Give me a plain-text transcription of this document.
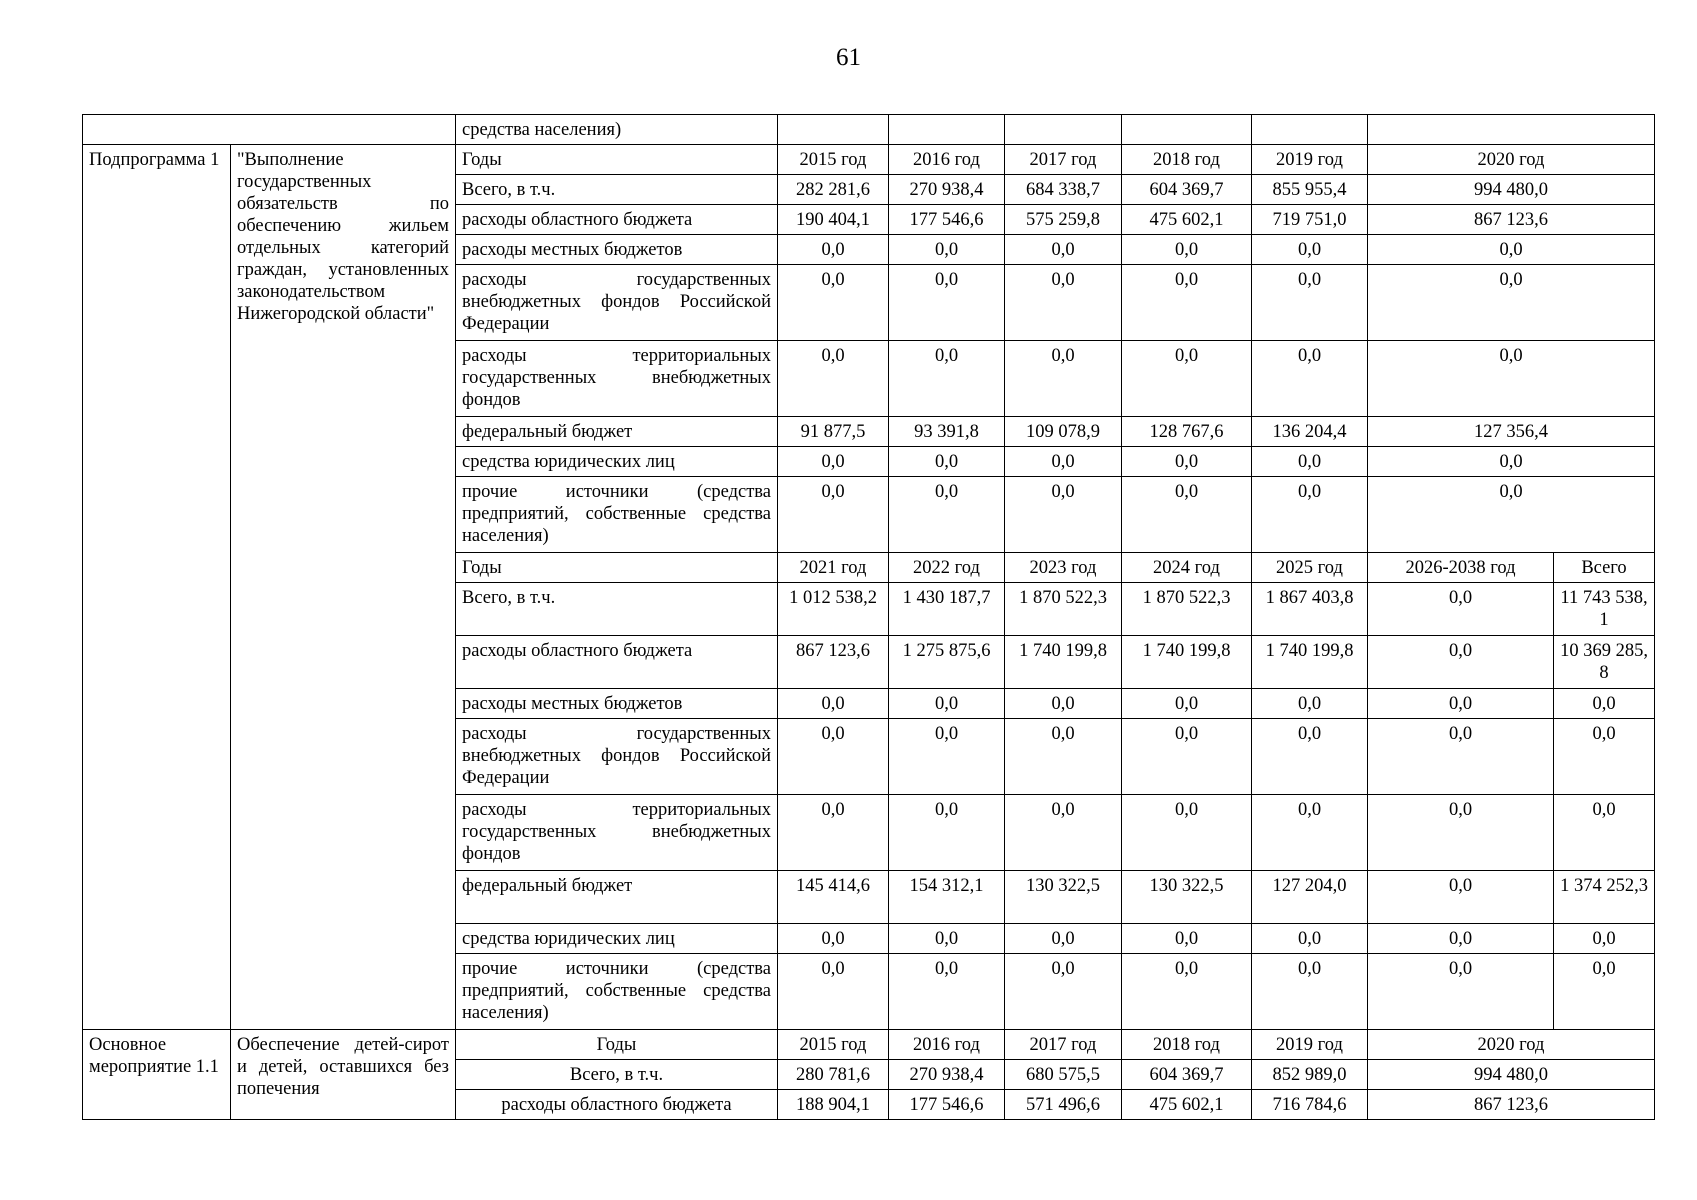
61
		средства населения)							
Подпрограмма 1	"Выполнение государственных обязательств по обеспечению жильем отдельных категорий граждан, установленных законодательством Нижегородской области"	Годы	2015 год	2016 год	2017 год	2018 год	2019 год	2020 год	
		Всего, в т.ч.	282 281,6	270 938,4	684 338,7	604 369,7	855 955,4	994 480,0	
		расходы областного бюджета	190 404,1	177 546,6	575 259,8	475 602,1	719 751,0	867 123,6	
		расходы местных бюджетов	0,0	0,0	0,0	0,0	0,0	0,0	
		расходы государственных внебюджетных фондов Российской Федерации	0,0	0,0	0,0	0,0	0,0	0,0	
		расходы территориальных государственных внебюджетных фондов	0,0	0,0	0,0	0,0	0,0	0,0	
		федеральный бюджет	91 877,5	93 391,8	109 078,9	128 767,6	136 204,4	127 356,4	
		средства юридических лиц	0,0	0,0	0,0	0,0	0,0	0,0	
		прочие источники (средства предприятий, собственные средства населения)	0,0	0,0	0,0	0,0	0,0	0,0	
		Годы	2021 год	2022 год	2023 год	2024 год	2025 год	2026-2038 год	Всего
		Всего, в т.ч.	1 012 538,2	1 430 187,7	1 870 522,3	1 870 522,3	1 867 403,8	0,0	11 743 538,1
		расходы областного бюджета	867 123,6	1 275 875,6	1 740 199,8	1 740 199,8	1 740 199,8	0,0	10 369 285,8
		расходы местных бюджетов	0,0	0,0	0,0	0,0	0,0	0,0	0,0
		расходы государственных внебюджетных фондов Российской Федерации	0,0	0,0	0,0	0,0	0,0	0,0	0,0
		расходы территориальных государственных внебюджетных фондов	0,0	0,0	0,0	0,0	0,0	0,0	0,0
		федеральный бюджет	145 414,6	154 312,1	130 322,5	130 322,5	127 204,0	0,0	1 374 252,3
		средства юридических лиц	0,0	0,0	0,0	0,0	0,0	0,0	0,0
		прочие источники (средства предприятий, собственные средства населения)	0,0	0,0	0,0	0,0	0,0	0,0	0,0
Основное мероприятие 1.1	Обеспечение детей-сирот и детей, оставшихся без попечения	Годы	2015 год	2016 год	2017 год	2018 год	2019 год	2020 год	
		Всего, в т.ч.	280 781,6	270 938,4	680 575,5	604 369,7	852 989,0	994 480,0	
		расходы областного бюджета	188 904,1	177 546,6	571 496,6	475 602,1	716 784,6	867 123,6	
